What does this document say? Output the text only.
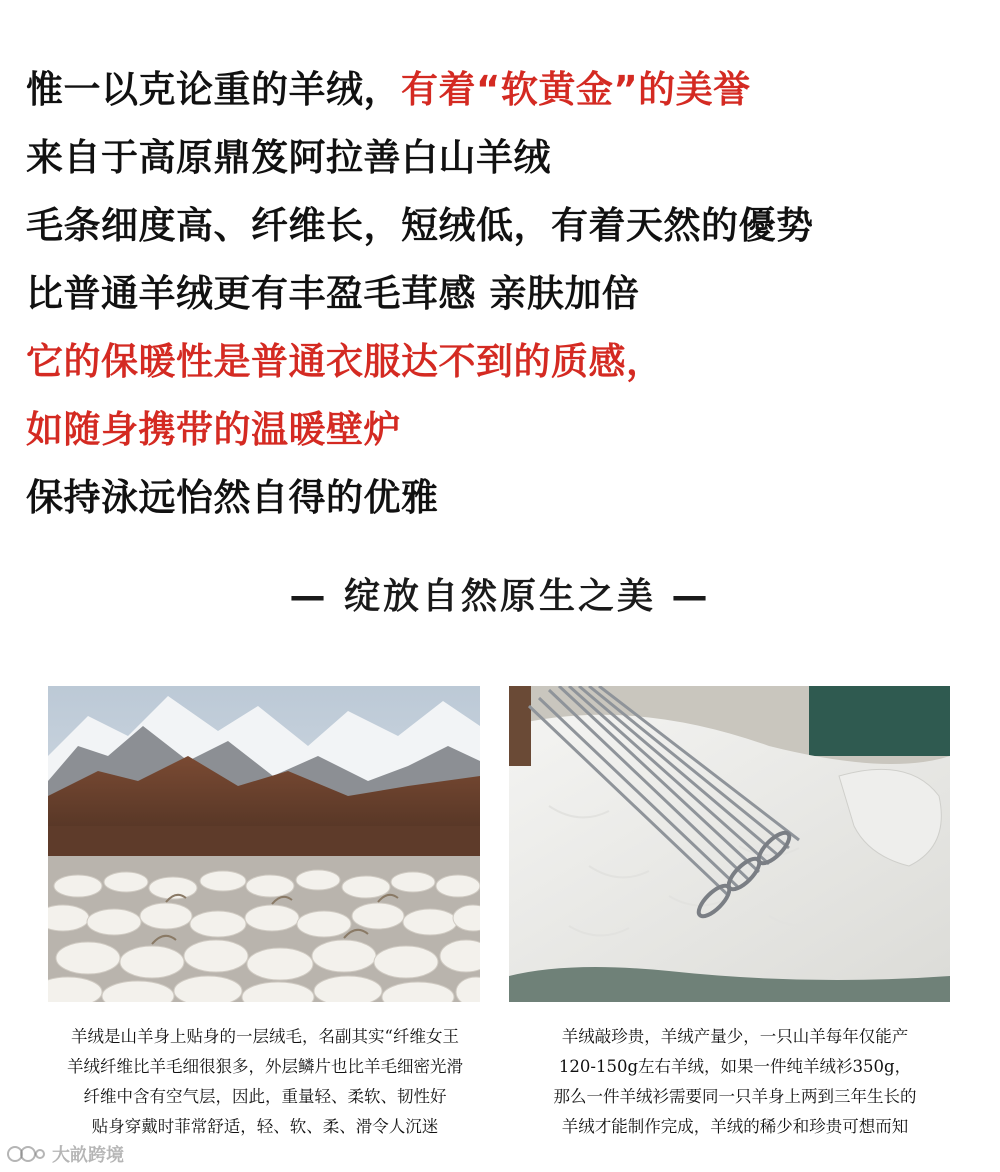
惟一以克论重的羊绒，有着“软黄金”的美誉
来自于高原鼎笈阿拉善白山羊绒
毛条细度高、纤维长，短绒低，有着天然的優势
比普通羊绒更有丰盈毛茸感 亲肤加倍
它的保暖性是普通衣服达不到的质感，
如随身携带的温暖壁炉
保持泳远怡然自得的优雅
— 绽放自然原生之美 —
羊绒是山羊身上贴身的一层绒毛，名副其实“纤维女王
羊绒纤维比羊毛细很狠多，外层鳞片也比羊毛细密光滑
纤维中含有空气层，因此，重量轻、柔软、韧性好
贴身穿戴时菲常舒适，轻、软、柔、滑令人沉迷
羊绒敲珍贵，羊绒产量少，一只山羊每年仅能产
120-150g左右羊绒，如果一件纯羊绒衫350g，
那么一件羊绒衫需要同一只羊身上两到三年生长的
羊绒才能制作完成，羊绒的稀少和珍贵可想而知
大畝跨境
